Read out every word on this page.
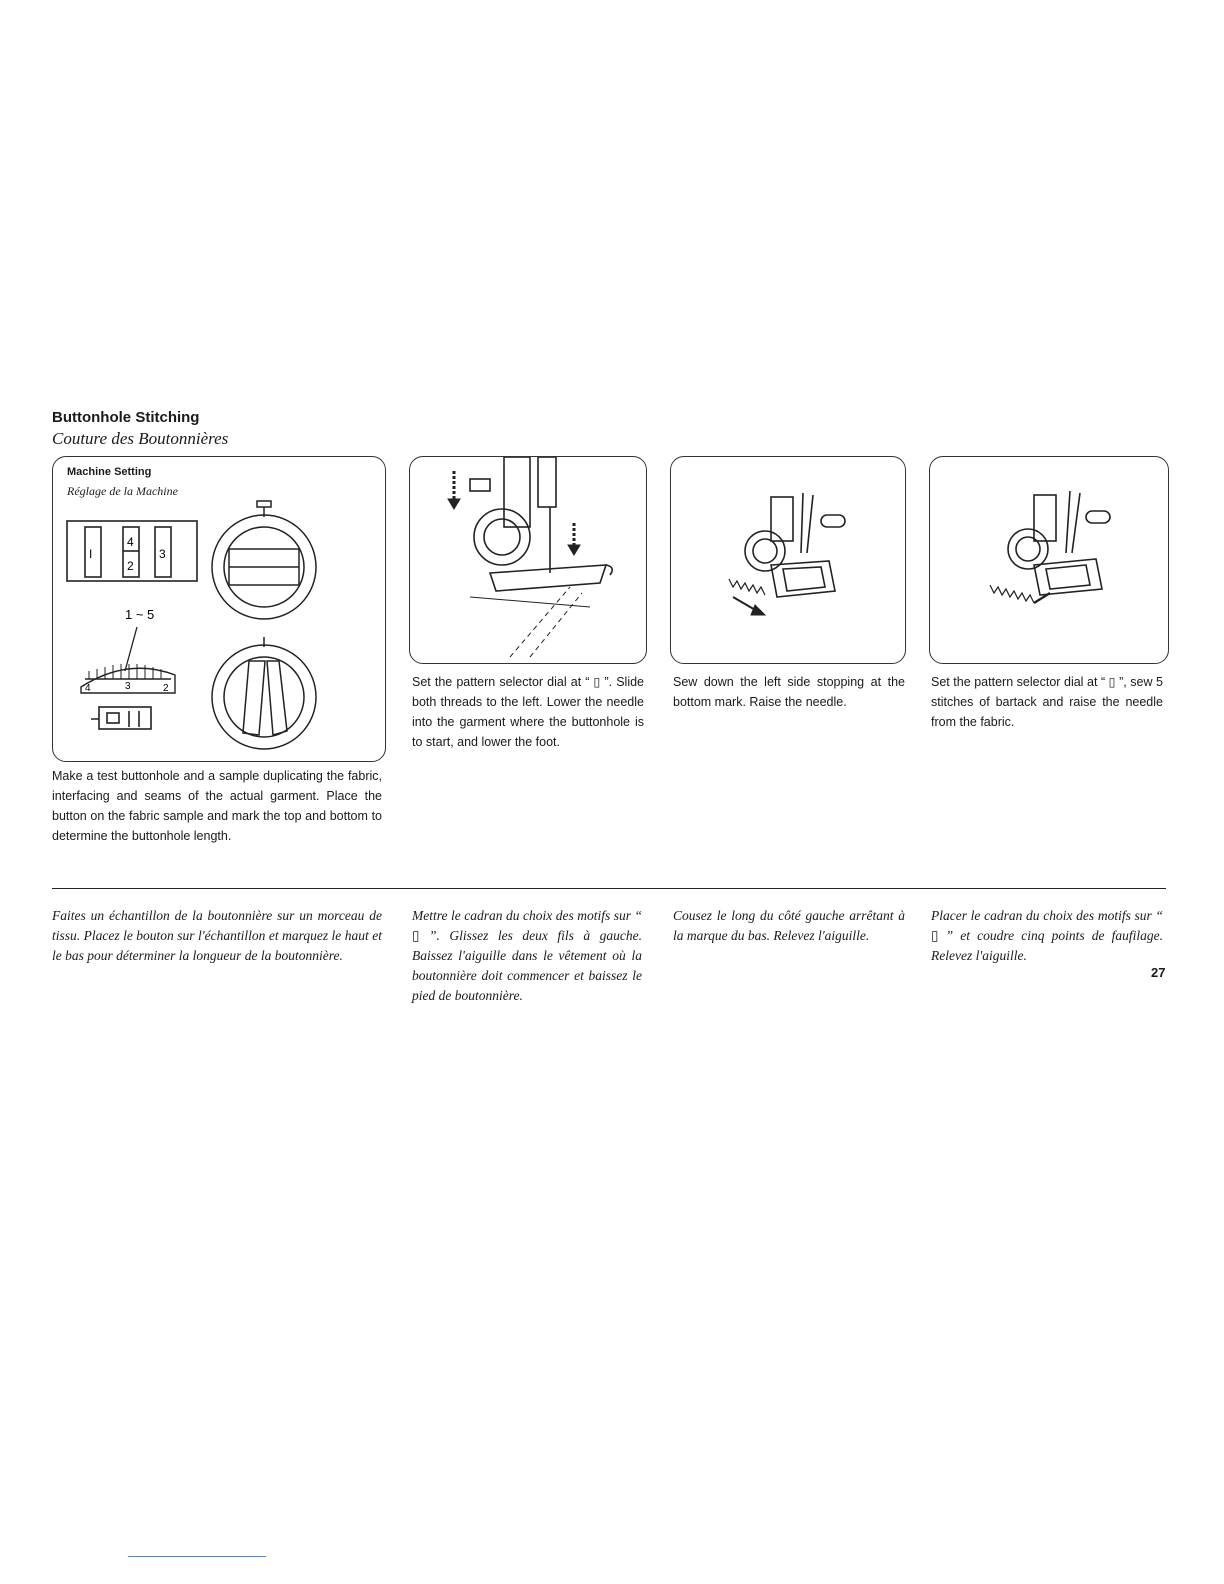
Buttonhole Stitching
Couture des Boutonnières
Machine Setting
Réglage de la Machine
I
4
2
3
1 ~ 5
4	3	2
Make a test buttonhole and a sample duplicating the fabric, interfacing and seams of the actual garment. Place the button on the fabric sample and mark the top and bottom to determine the buttonhole length.
Set the pattern selector dial at “ ▯ ”. Slide both threads to the left. Lower the needle into the garment where the buttonhole is to start, and lower the foot.
Sew down the left side stopping at the bottom mark. Raise the needle.
Set the pattern selector dial at “ ▯ ”, sew 5 stitches of bartack and raise the needle from the fabric.
Faites un échantillon de la boutonnière sur un morceau de tissu. Placez le bouton sur l'échantillon et marquez le haut et le bas pour déterminer la longueur de la boutonnière.
Mettre le cadran du choix des motifs sur “ ▯ ”. Glissez les deux fils à gauche. Baissez l'aiguille dans le vêtement où la boutonnière doit commencer et baissez le pied de boutonnière.
Cousez le long du côté gauche arrêtant à la marque du bas. Relevez l'aiguille.
Placer le cadran du choix des motifs sur “ ▯ ” et coudre cinq points de faufilage. Relevez l'aiguille.
27
